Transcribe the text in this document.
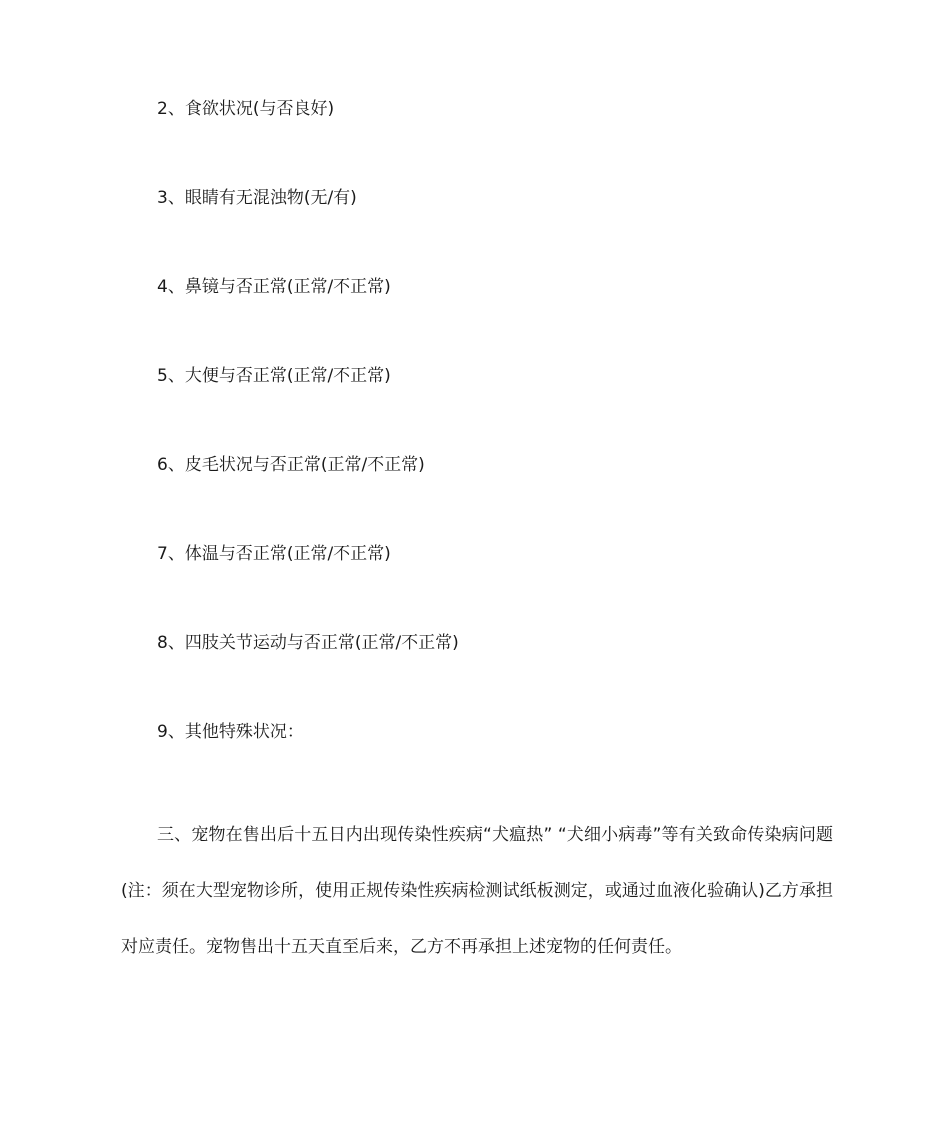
2、食欲状况(与否良好)
3、眼睛有无混浊物(无/有)
4、鼻镜与否正常(正常/不正常)
5、大便与否正常(正常/不正常)
6、皮毛状况与否正常(正常/不正常)
7、体温与否正常(正常/不正常)
8、四肢关节运动与否正常(正常/不正常)
9、其他特殊状况：

三、宠物在售出后十五日内出现传染性疾病“犬瘟热” “犬细小病毒”等有关致命传染病问题(注：须在大型宠物诊所，使用正规传染性疾病检测试纸板测定，或通过血液化验确认)乙方承担对应责任。宠物售出十五天直至后来，乙方不再承担上述宠物的任何责任。
